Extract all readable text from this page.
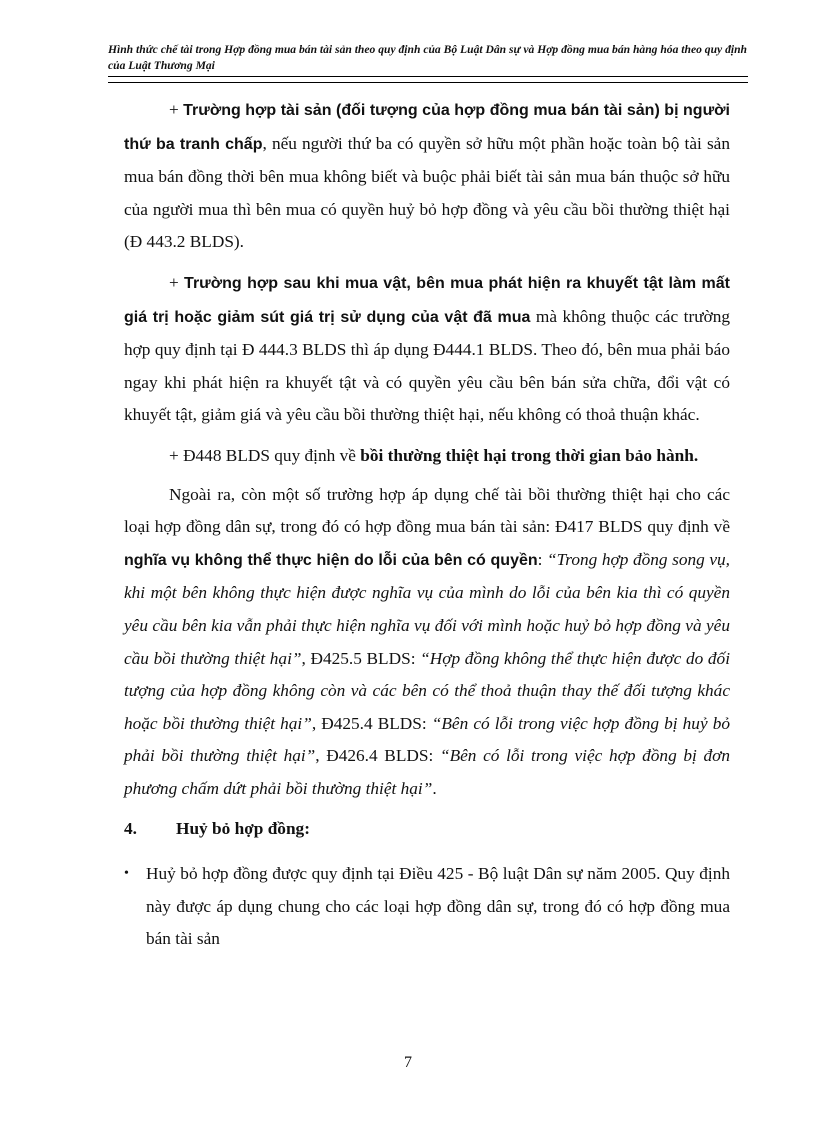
Hình thức chế tài trong Hợp đồng mua bán tài sản theo quy định của Bộ Luật Dân sự và Hợp đồng mua bán hàng hóa theo quy định của Luật Thương Mại

+ Trường hợp tài sản (đối tượng của hợp đồng mua bán tài sản) bị người thứ ba tranh chấp, nếu người thứ ba có quyền sở hữu một phần hoặc toàn bộ tài sản mua bán đồng thời bên mua không biết và buộc phải biết tài sản mua bán thuộc sở hữu của người mua thì bên mua có quyền huỷ bỏ hợp đồng và yêu cầu bồi thường thiệt hại (Đ 443.2 BLDS).

+ Trường hợp sau khi mua vật, bên mua phát hiện ra khuyết tật làm mất giá trị hoặc giảm sút giá trị sử dụng của vật đã mua mà không thuộc các trường hợp quy định tại Đ 444.3 BLDS thì áp dụng Đ444.1 BLDS. Theo đó, bên mua phải báo ngay khi phát hiện ra khuyết tật và có quyền yêu cầu bên bán sửa chữa, đổi vật có khuyết tật, giảm giá và yêu cầu bồi thường thiệt hại, nếu không có thoả thuận khác.

+ Đ448 BLDS quy định về bồi thường thiệt hại trong thời gian bảo hành.

Ngoài ra, còn một số trường hợp áp dụng chế tài bồi thường thiệt hại cho các loại hợp đồng dân sự, trong đó có hợp đồng mua bán tài sản: Đ417 BLDS quy định về nghĩa vụ không thể thực hiện do lỗi của bên có quyền: “Trong hợp đồng song vụ, khi một bên không thực hiện được nghĩa vụ của mình do lỗi của bên kia thì có quyền yêu cầu bên kia vẫn phải thực hiện nghĩa vụ đối với mình hoặc huỷ bỏ hợp đồng và yêu cầu bồi thường thiệt hại”, Đ425.5 BLDS: “Hợp đồng không thể thực hiện được do đối tượng của hợp đồng không còn và các bên có thể thoả thuận thay thế đối tượng khác hoặc bồi thường thiệt hại”, Đ425.4 BLDS: “Bên có lỗi trong việc hợp đồng bị huỷ bỏ phải bồi thường thiệt hại”, Đ426.4 BLDS: “Bên có lỗi trong việc hợp đồng bị đơn phương chấm dứt phải bồi thường thiệt hại”.

4.	Huỷ bỏ hợp đồng:
• Huỷ bỏ hợp đồng được quy định tại Điều 425 - Bộ luật Dân sự năm 2005. Quy định này được áp dụng chung cho các loại hợp đồng dân sự, trong đó có hợp đồng mua bán tài sản
7
